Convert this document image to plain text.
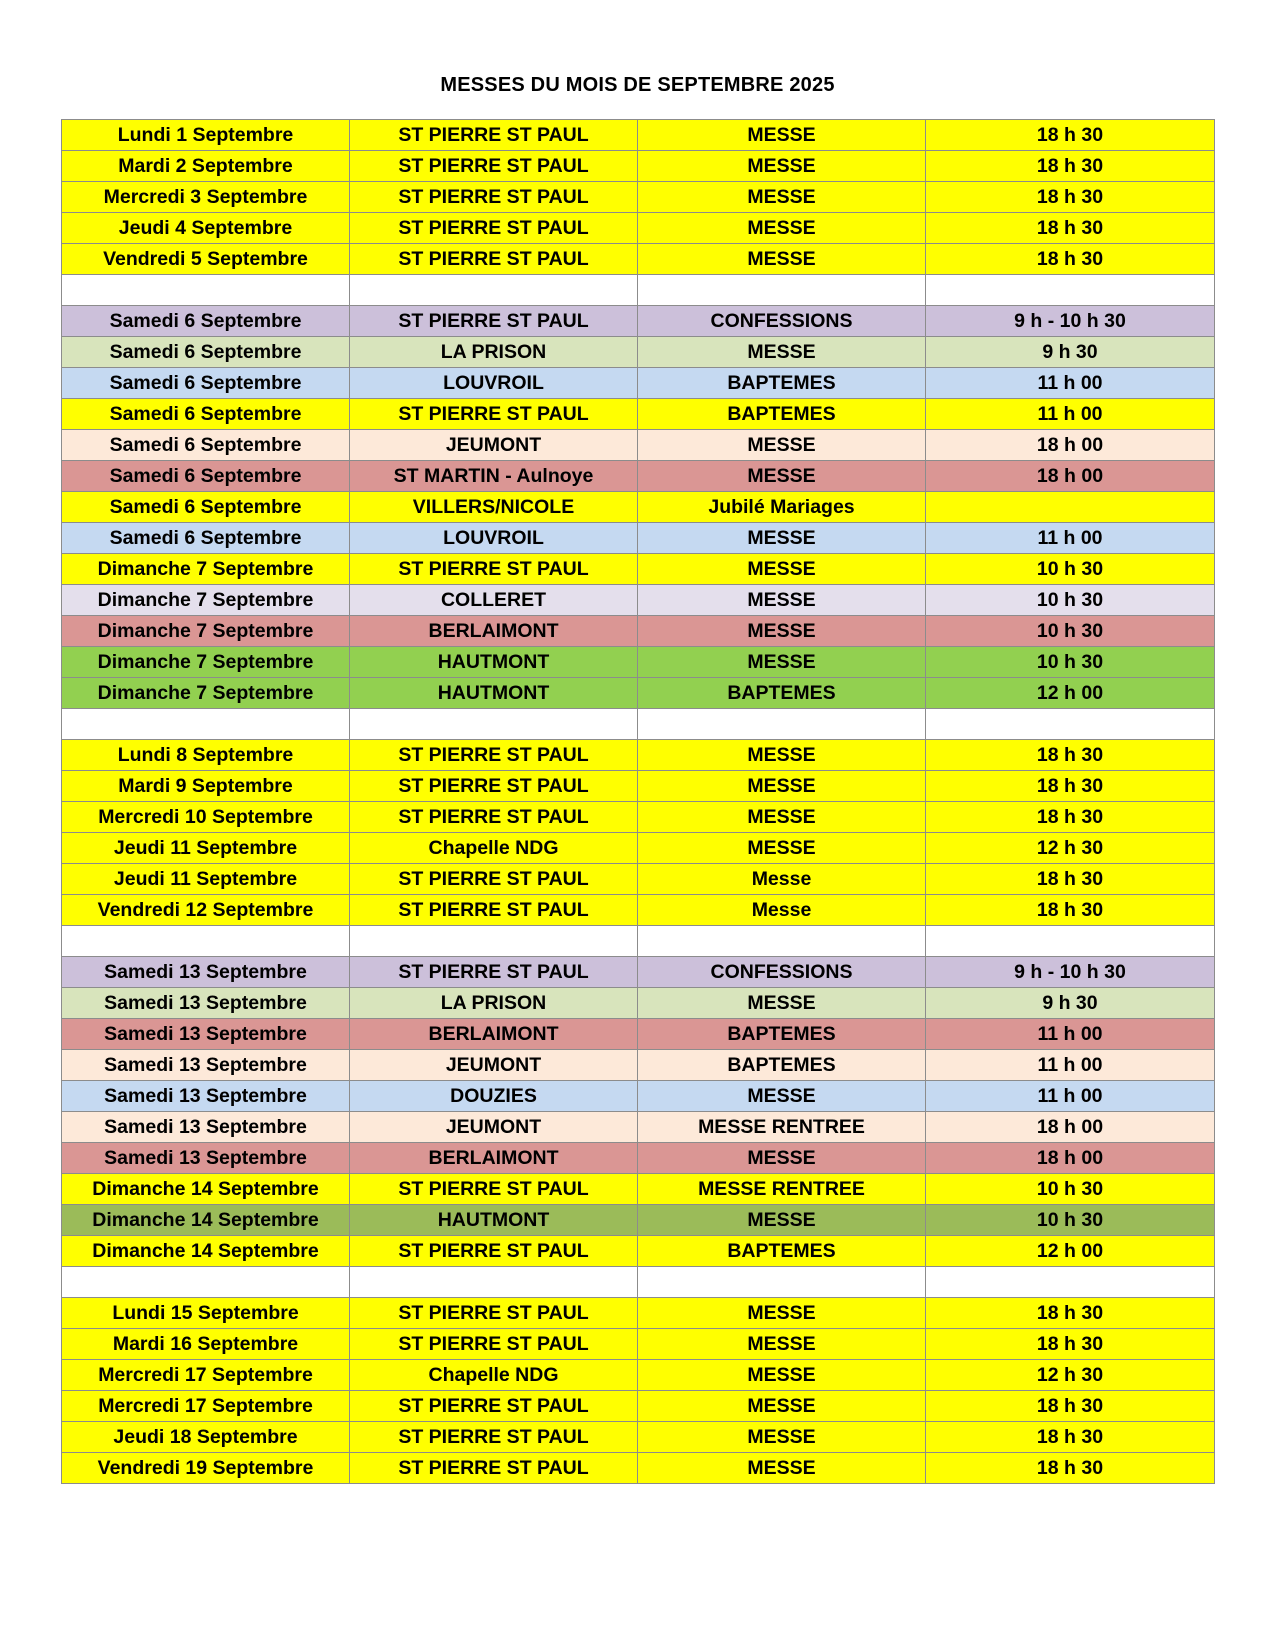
MESSES DU MOIS DE SEPTEMBRE 2025
Lundi 1 Septembre	ST PIERRE ST PAUL	MESSE	18 h 30
Mardi 2 Septembre	ST PIERRE ST PAUL	MESSE	18 h 30
Mercredi 3 Septembre	ST PIERRE ST PAUL	MESSE	18 h 30
Jeudi 4 Septembre	ST PIERRE ST PAUL	MESSE	18 h 30
Vendredi 5 Septembre	ST PIERRE ST PAUL	MESSE	18 h 30

Samedi 6 Septembre	ST PIERRE ST PAUL	CONFESSIONS	9 h - 10 h 30
Samedi 6 Septembre	LA PRISON	MESSE	9 h 30
Samedi 6 Septembre	LOUVROIL	BAPTEMES	11 h 00
Samedi 6 Septembre	ST PIERRE ST PAUL	BAPTEMES	11 h 00
Samedi 6 Septembre	JEUMONT	MESSE	18 h 00
Samedi 6 Septembre	ST MARTIN - Aulnoye	MESSE	18 h 00
Samedi 6 Septembre	VILLERS/NICOLE	Jubilé Mariages	
Samedi 6 Septembre	LOUVROIL	MESSE	11 h 00
Dimanche 7 Septembre	ST PIERRE ST PAUL	MESSE	10 h 30
Dimanche 7 Septembre	COLLERET	MESSE	10 h 30
Dimanche 7 Septembre	BERLAIMONT	MESSE	10 h 30
Dimanche 7 Septembre	HAUTMONT	MESSE	10 h 30
Dimanche 7 Septembre	HAUTMONT	BAPTEMES	12 h 00

Lundi 8 Septembre	ST PIERRE ST PAUL	MESSE	18 h 30
Mardi 9 Septembre	ST PIERRE ST PAUL	MESSE	18 h 30
Mercredi 10 Septembre	ST PIERRE ST PAUL	MESSE	18 h 30
Jeudi 11 Septembre	Chapelle NDG	MESSE	12 h 30
Jeudi 11 Septembre	ST PIERRE ST PAUL	Messe	18 h 30
Vendredi 12 Septembre	ST PIERRE ST PAUL	Messe	18 h 30

Samedi 13 Septembre	ST PIERRE ST PAUL	CONFESSIONS	9 h - 10 h 30
Samedi 13 Septembre	LA PRISON	MESSE	9 h 30
Samedi 13 Septembre	BERLAIMONT	BAPTEMES	11 h 00
Samedi 13 Septembre	JEUMONT	BAPTEMES	11 h 00
Samedi 13 Septembre	DOUZIES	MESSE	11 h 00
Samedi 13 Septembre	JEUMONT	MESSE RENTREE	18 h 00
Samedi 13 Septembre	BERLAIMONT	MESSE	18 h 00
Dimanche 14 Septembre	ST PIERRE ST PAUL	MESSE RENTREE	10 h 30
Dimanche 14 Septembre	HAUTMONT	MESSE	10 h 30
Dimanche 14 Septembre	ST PIERRE ST PAUL	BAPTEMES	12 h 00

Lundi 15 Septembre	ST PIERRE ST PAUL	MESSE	18 h 30
Mardi 16 Septembre	ST PIERRE ST PAUL	MESSE	18 h 30
Mercredi 17 Septembre	Chapelle NDG	MESSE	12 h 30
Mercredi 17 Septembre	ST PIERRE ST PAUL	MESSE	18 h 30
Jeudi 18 Septembre	ST PIERRE ST PAUL	MESSE	18 h 30
Vendredi 19 Septembre	ST PIERRE ST PAUL	MESSE	18 h 30
